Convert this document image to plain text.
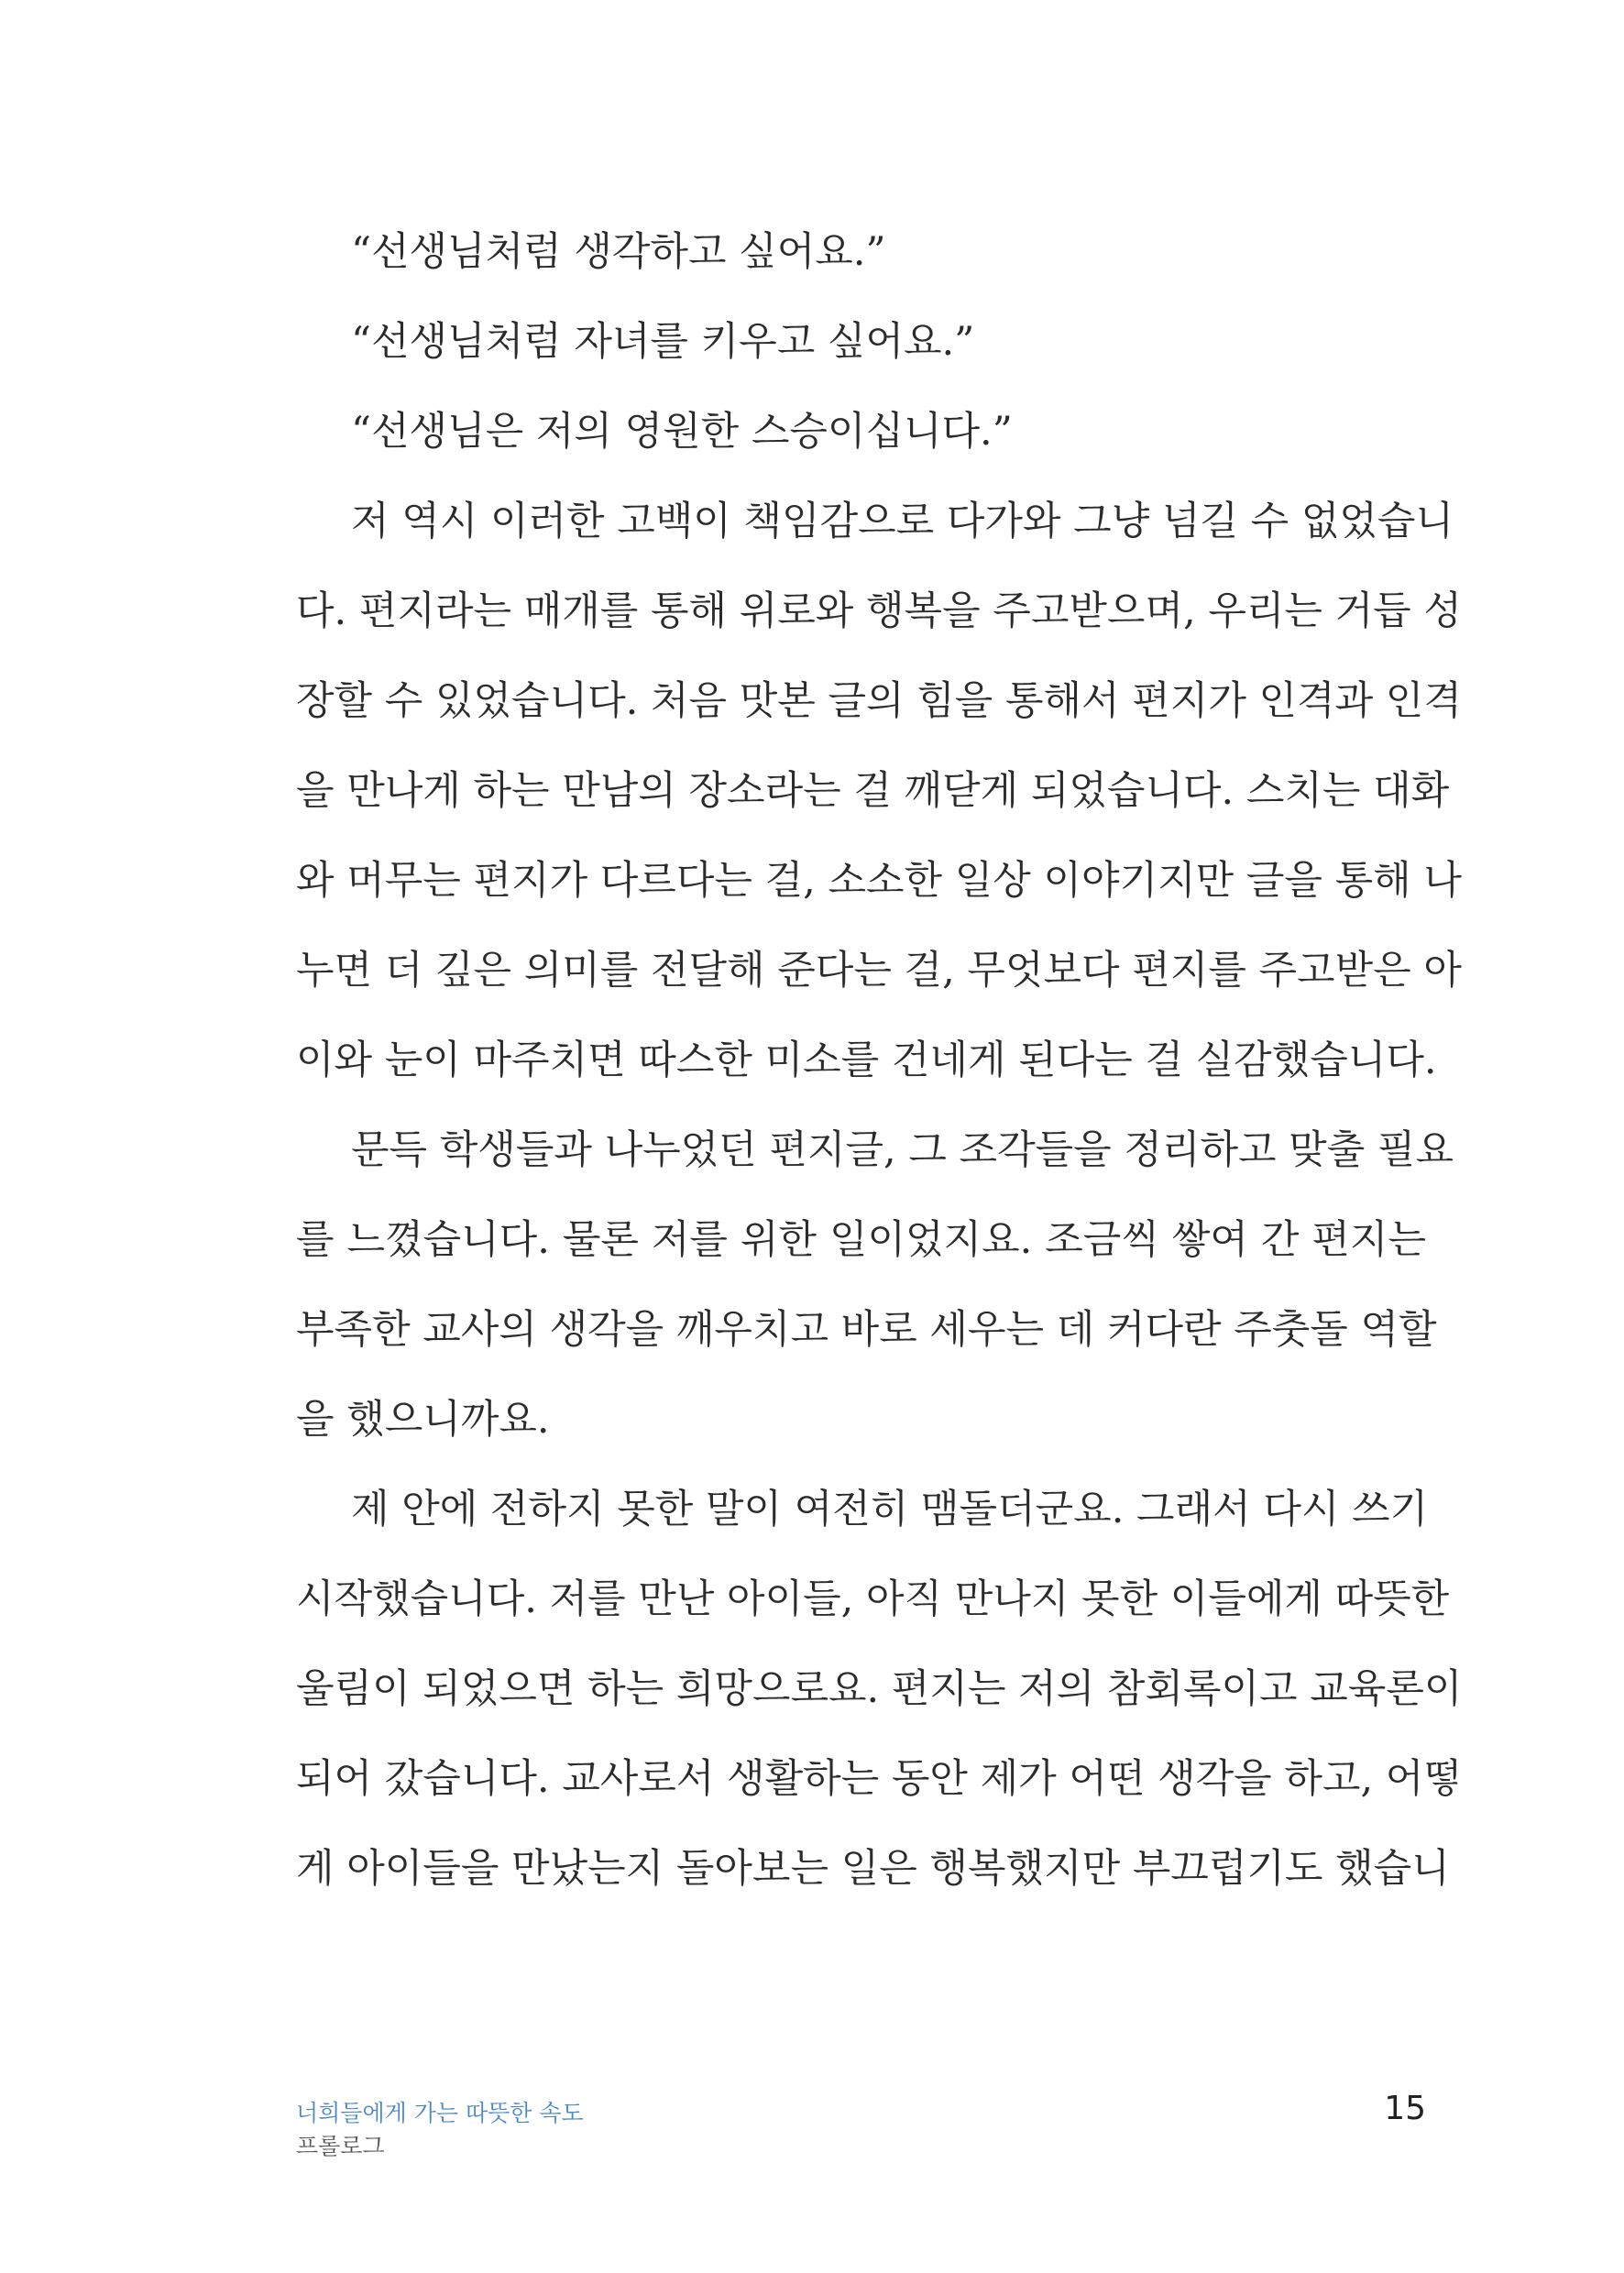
“선생님처럼 생각하고 싶어요.”
“선생님처럼 자녀를 키우고 싶어요.”
“선생님은 저의 영원한 스승이십니다.”
저 역시 이러한 고백이 책임감으로 다가와 그냥 넘길 수 없었습니
다. 편지라는 매개를 통해 위로와 행복을 주고받으며, 우리는 거듭 성
장할 수 있었습니다. 처음 맛본 글의 힘을 통해서 편지가 인격과 인격
을 만나게 하는 만남의 장소라는 걸 깨닫게 되었습니다. 스치는 대화
와 머무는 편지가 다르다는 걸, 소소한 일상 이야기지만 글을 통해 나
누면 더 깊은 의미를 전달해 준다는 걸, 무엇보다 편지를 주고받은 아
이와 눈이 마주치면 따스한 미소를 건네게 된다는 걸 실감했습니다.
문득 학생들과 나누었던 편지글, 그 조각들을 정리하고 맞출 필요
를 느꼈습니다. 물론 저를 위한 일이었지요. 조금씩 쌓여 간 편지는
부족한 교사의 생각을 깨우치고 바로 세우는 데 커다란 주춧돌 역할
을 했으니까요.
제 안에 전하지 못한 말이 여전히 맴돌더군요. 그래서 다시 쓰기
시작했습니다. 저를 만난 아이들, 아직 만나지 못한 이들에게 따뜻한
울림이 되었으면 하는 희망으로요. 편지는 저의 참회록이고 교육론이
되어 갔습니다. 교사로서 생활하는 동안 제가 어떤 생각을 하고, 어떻
게 아이들을 만났는지 돌아보는 일은 행복했지만 부끄럽기도 했습니
너희들에게 가는 따뜻한 속도
프롤로그
15
